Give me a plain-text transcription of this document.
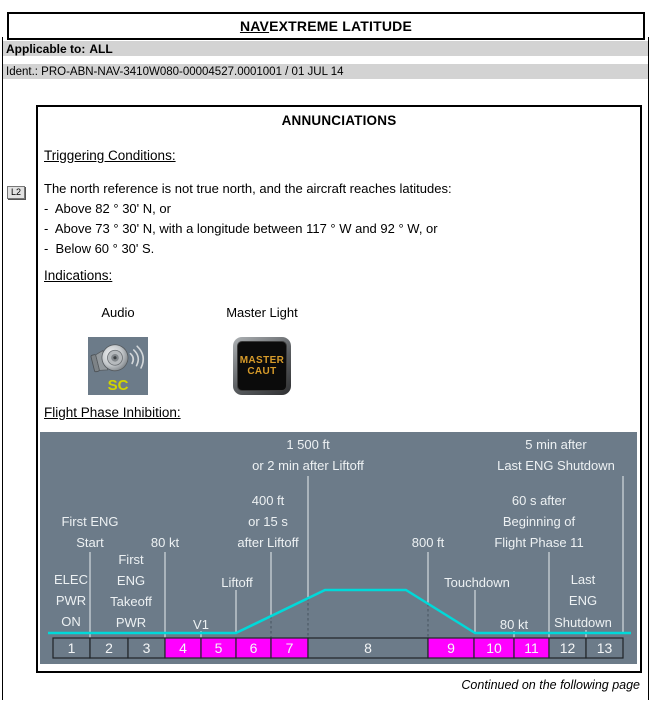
NAV EXTREME LATITUDE
Applicable to: ALL
Ident.: PRO-ABN-NAV-3410W080-00004527.0001001 / 01 JUL 14
L2
ANNUNCIATIONS
Triggering Conditions:
The north reference is not true north, and the aircraft reaches latitudes:
-  Above 82 ° 30' N, or
-  Above 73 ° 30' N, with a longitude between 117 ° W and 92 ° W, or
-  Below 60 ° 30' S.
Indications:
Audio	Master Light
SC
MASTER
CAUT
Flight Phase Inhibition:
1 500 ft
or 2 min after Liftoff
5 min after
Last ENG Shutdown
400 ft
or 15 s
after Liftoff
60 s after
Beginning of
Flight Phase 11
First ENG
Start	80 kt	800 ft
ELEC
PWR
ON
First
ENG
Takeoff
PWR	V1
Liftoff	Touchdown
80 kt
Last
ENG
Shutdown
1 2 3 4 5 6 7	8	9 10 11 12 13
Continued on the following page
